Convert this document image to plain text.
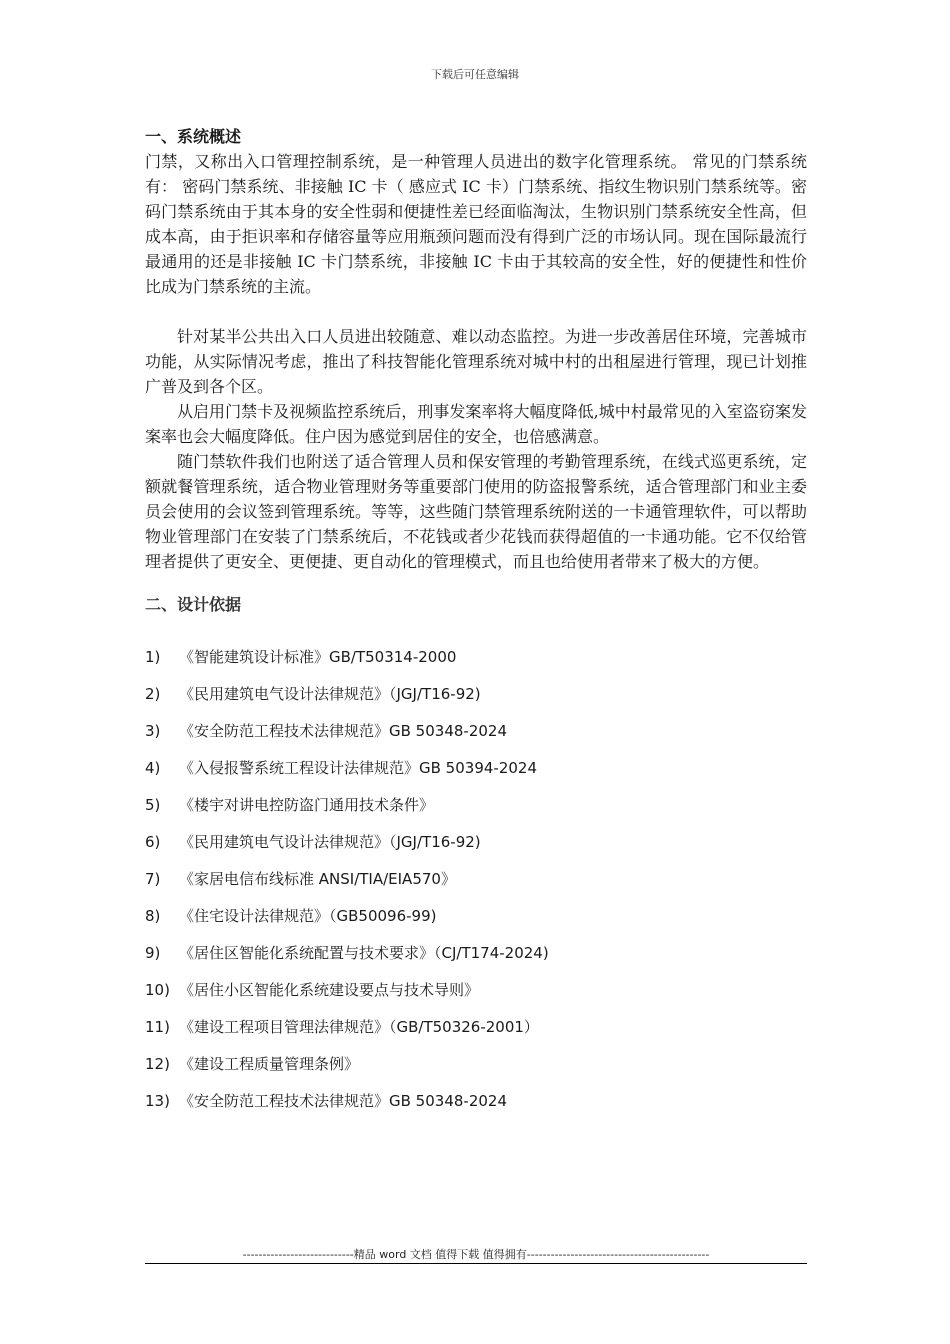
下载后可任意编辑
一、系统概述

门禁，又称出入口管理控制系统，是一种管理人员进出的数字化管理系统。 常见的门禁系统有： 密码门禁系统、非接触 IC 卡（ 感应式 IC 卡）门禁系统、指纹生物识别门禁系统等。密码门禁系统由于其本身的安全性弱和便捷性差已经面临淘汰，生物识别门禁系统安全性高，但成本高，由于拒识率和存储容量等应用瓶颈问题而没有得到广泛的市场认同。现在国际最流行最通用的还是非接触 IC 卡门禁系统，非接触 IC 卡由于其较高的安全性，好的便捷性和性价比成为门禁系统的主流。

针对某半公共出入口人员进出较随意、难以动态监控。为进一步改善居住环境，完善城市功能，从实际情况考虑，推出了科技智能化管理系统对城中村的出租屋进行管理，现已计划推广普及到各个区。

从启用门禁卡及视频监控系统后，刑事发案率将大幅度降低,城中村最常见的入室盗窃案发案率也会大幅度降低。住户因为感觉到居住的安全，也倍感满意。

随门禁软件我们也附送了适合管理人员和保安管理的考勤管理系统，在线式巡更系统，定额就餐管理系统，适合物业管理财务等重要部门使用的防盗报警系统，适合管理部门和业主委员会使用的会议签到管理系统。等等，这些随门禁管理系统附送的一卡通管理软件，可以帮助物业管理部门在安装了门禁系统后，不花钱或者少花钱而获得超值的一卡通功能。它不仅给管理者提供了更安全、更便捷、更自动化的管理模式，而且也给使用者带来了极大的方便。

二、设计依据
1) 《智能建筑设计标准》GB/T50314-2000
2) 《民用建筑电气设计法律规范》（JGJ/T16-92)
3) 《安全防范工程技术法律规范》GB 50348-2024
4) 《入侵报警系统工程设计法律规范》GB 50394-2024
5) 《楼宇对讲电控防盗门通用技术条件》
6) 《民用建筑电气设计法律规范》（JGJ/T16-92)
7) 《家居电信布线标准 ANSI/TIA/EIA570》
8) 《住宅设计法律规范》（GB50096-99)
9) 《居住区智能化系统配置与技术要求》（CJ/T174-2024)
10) 《居住小区智能化系统建设要点与技术导则》
11) 《建设工程项目管理法律规范》（GB/T50326-2001）
12) 《建设工程质量管理条例》
13) 《安全防范工程技术法律规范》GB 50348-2024
----------------------------精品 word 文档 值得下载 值得拥有----------------------------------------------
